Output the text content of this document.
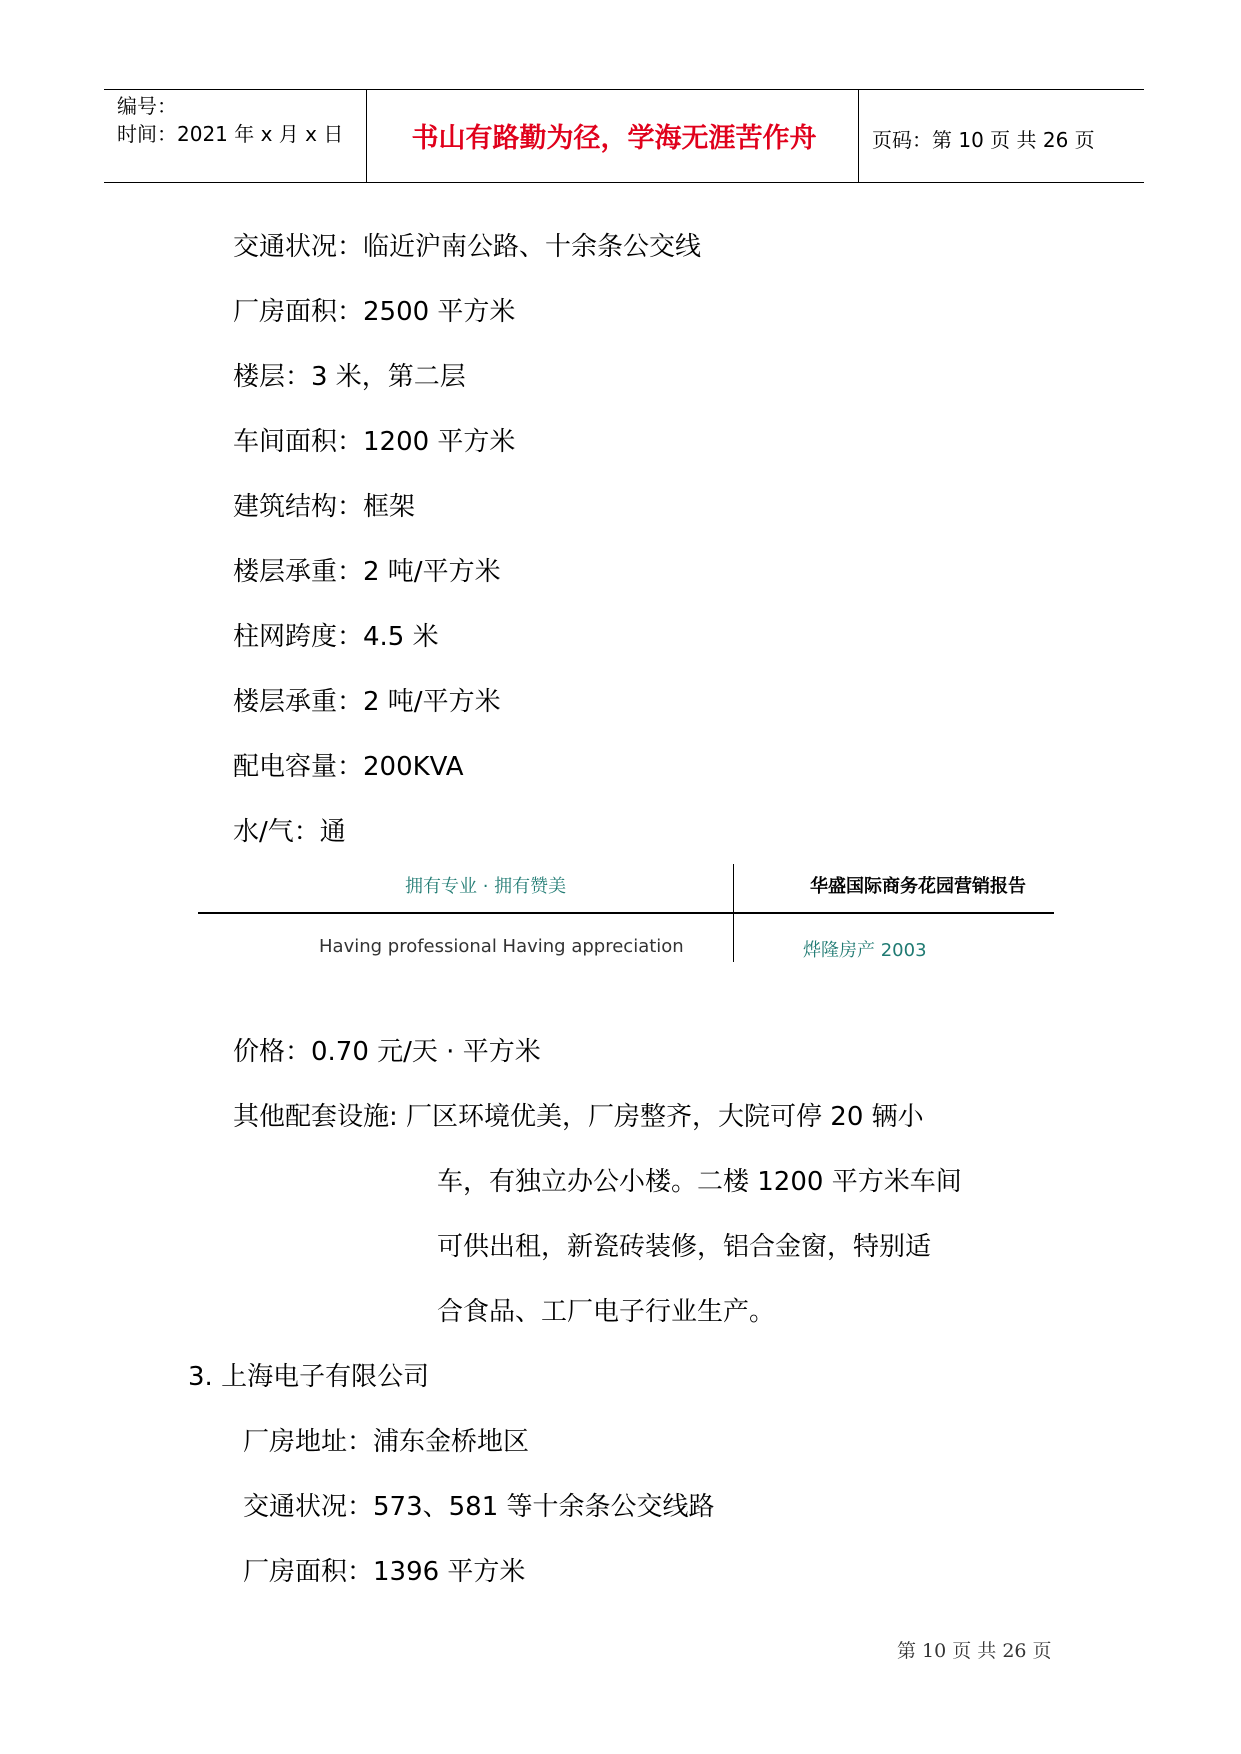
编号：
时间：2021 年 x 月 x 日	书山有路勤为径，学海无涯苦作舟	页码：第 10 页 共 26 页
交通状况：临近沪南公路、十余条公交线
厂房面积：2500 平方米
楼层：3 米，第二层
车间面积：1200 平方米
建筑结构：框架
楼层承重：2 吨/平方米
柱网跨度：4.5 米
楼层承重：2 吨/平方米
配电容量：200KVA
水/气：通
拥有专业 · 拥有赞美	华盛国际商务花园营销报告
Having professional Having appreciation	烨隆房产 2003
价格：0.70 元/天 · 平方米
其他配套设施: 厂区环境优美，厂房整齐，大院可停 20 辆小
车，有独立办公小楼。二楼 1200 平方米车间
可供出租，新瓷砖装修，铝合金窗，特别适
合食品、工厂电子行业生产。
3. 上海电子有限公司
厂房地址：浦东金桥地区
交通状况：573、581 等十余条公交线路
厂房面积：1396 平方米
第 10 页 共 26 页
